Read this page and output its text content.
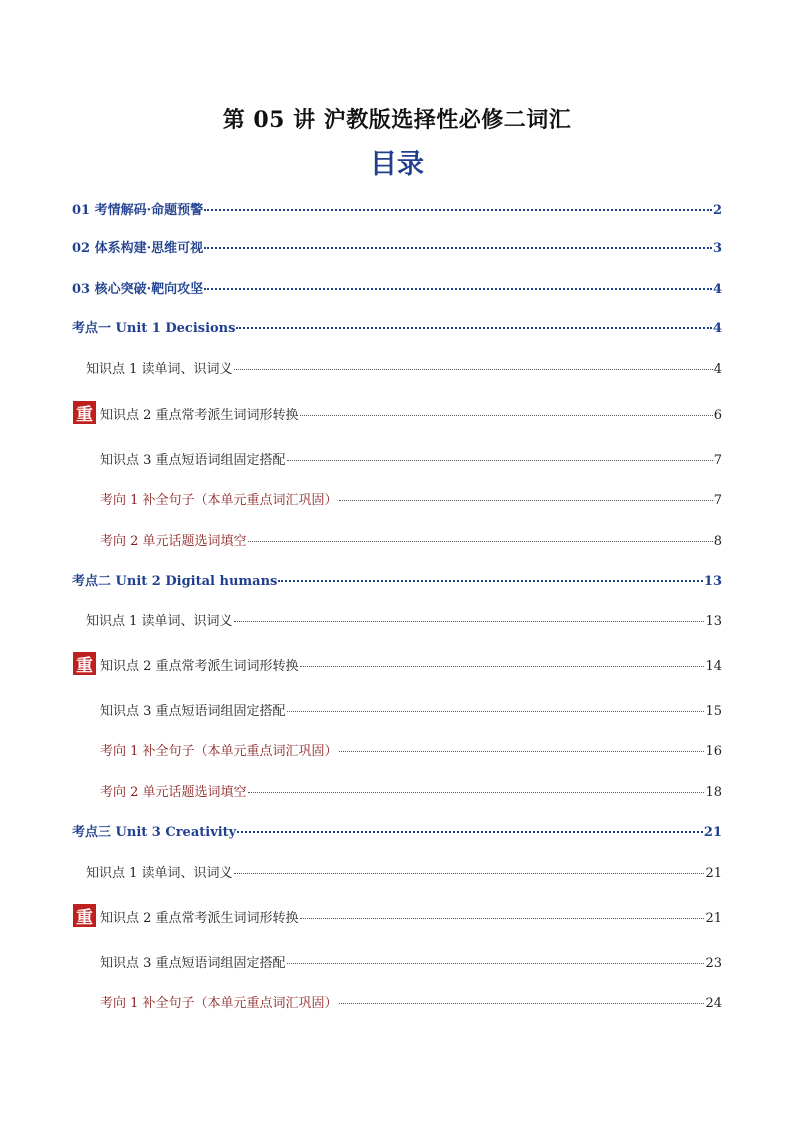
第 05 讲 沪教版选择性必修二词汇
目录
01 考情解码·命题预警	2
02 体系构建·思维可视	3
03 核心突破·靶向攻坚	4
考点一 Unit 1 Decisions	4
知识点 1 读单词、识词义	4
重 知识点 2 重点常考派生词词形转换	6
知识点 3 重点短语词组固定搭配	7
考向 1 补全句子（本单元重点词汇巩固）	7
考向 2 单元话题选词填空	8
考点二 Unit 2 Digital humans	13
知识点 1 读单词、识词义	13
重 知识点 2 重点常考派生词词形转换	14
知识点 3 重点短语词组固定搭配	15
考向 1 补全句子（本单元重点词汇巩固）	16
考向 2 单元话题选词填空	18
考点三 Unit 3 Creativity	21
知识点 1 读单词、识词义	21
重 知识点 2 重点常考派生词词形转换	21
知识点 3 重点短语词组固定搭配	23
考向 1 补全句子（本单元重点词汇巩固）	24
